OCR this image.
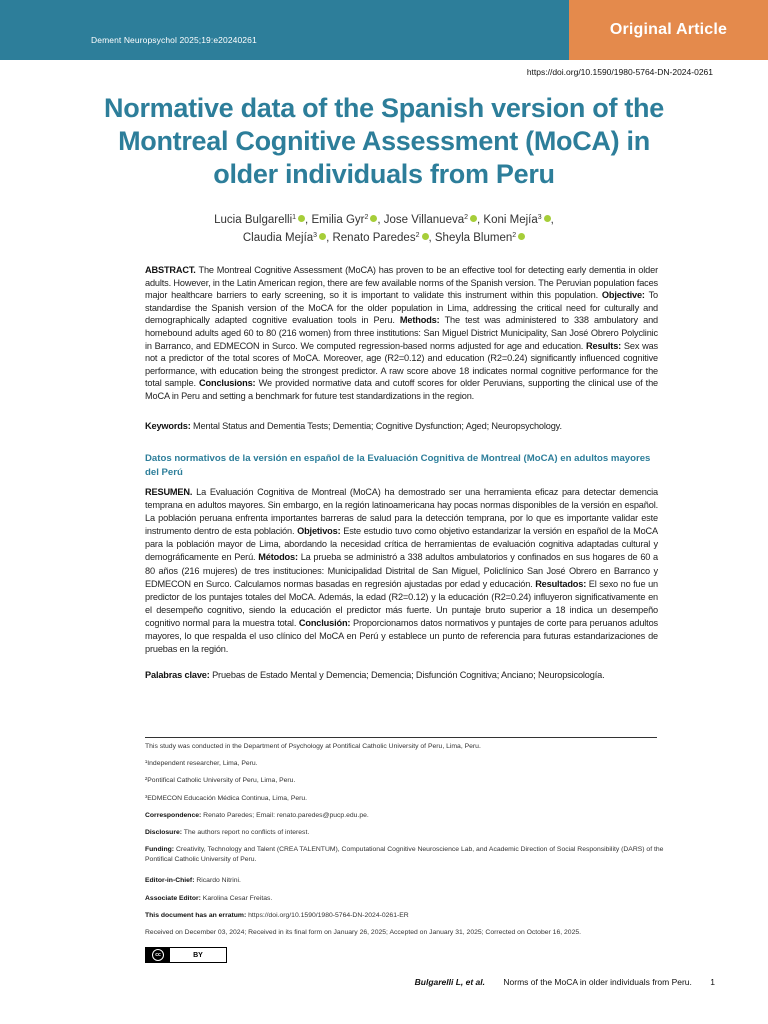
Dement Neuropsychol 2025;19:e20240261
Original Article
https://doi.org/10.1590/1980-5764-DN-2024-0261
Normative data of the Spanish version of the Montreal Cognitive Assessment (MoCA) in older individuals from Peru
Lucia Bulgarelli$^1$ , Emilia Gyr$^2$ , Jose Villanueva$^2$ , Koni Mejía$^3$ ,
Claudia Mejía$^3$ , Renato Paredes$^2$ , Sheyla Blumen$^2$
ABSTRACT. The Montreal Cognitive Assessment (MoCA) has proven to be an effective tool for detecting early dementia in older adults. However, in the Latin American region, there are few available norms of the Spanish version. The Peruvian population faces major healthcare barriers to early screening, so it is important to validate this instrument within this population. Objective: To standardise the Spanish version of the MoCA for the older population in Lima, addressing the critical need for culturally and demographically adapted cognitive evaluation tools in Peru. Methods: The test was administered to 338 ambulatory and homebound adults aged 60 to 80 (216 women) from three institutions: San Miguel District Municipality, San José Obrero Polyclinic in Barranco, and EDMECON in Surco. We computed regression-based norms adjusted for age and education. Results: Sex was not a predictor of the total scores of MoCA. Moreover, age (R2=0.12) and education (R2=0.24) significantly influenced cognitive performance, with education being the strongest predictor. A raw score above 18 indicates normal cognitive performance for the total sample. Conclusions: We provided normative data and cutoff scores for older Peruvians, supporting the clinical use of the MoCA in Peru and setting a benchmark for future test standardizations in the region.
Keywords: Mental Status and Dementia Tests; Dementia; Cognitive Dysfunction; Aged; Neuropsychology.
Datos normativos de la versión en español de la Evaluación Cognitiva de Montreal (MoCA) en adultos mayores del Perú
RESUMEN. La Evaluación Cognitiva de Montreal (MoCA) ha demostrado ser una herramienta eficaz para detectar demencia temprana en adultos mayores. Sin embargo, en la región latinoamericana hay pocas normas disponibles de la versión en español. La población peruana enfrenta importantes barreras de salud para la detección temprana, por lo que es importante validar este instrumento dentro de esta población. Objetivos: Este estudio tuvo como objetivo estandarizar la versión en español de la MoCA para la población mayor de Lima, abordando la necesidad crítica de herramientas de evaluación cognitiva adaptadas cultural y demográficamente en Perú. Métodos: La prueba se administró a 338 adultos ambulatorios y confinados en sus hogares de 60 a 80 años (216 mujeres) de tres instituciones: Municipalidad Distrital de San Miguel, Policlínico San José Obrero en Barranco y EDMECON en Surco. Calculamos normas basadas en regresión ajustadas por edad y educación. Resultados: El sexo no fue un predictor de los puntajes totales del MoCA. Además, la edad (R2=0.12) y la educación (R2=0.24) influyeron significativamente en el desempeño cognitivo, siendo la educación el predictor más fuerte. Un puntaje bruto superior a 18 indica un desempeño cognitivo normal para la muestra total. Conclusión: Proporcionamos datos normativos y puntajes de corte para peruanos adultos mayores, lo que respalda el uso clínico del MoCA en Perú y establece un punto de referencia para futuras estandarizaciones de pruebas en la región.
Palabras clave: Pruebas de Estado Mental y Demencia; Demencia; Disfunción Cognitiva; Anciano; Neuropsicología.
This study was conducted in the Department of Psychology at Pontifical Catholic University of Peru, Lima, Peru.
¹Independent researcher, Lima, Peru.
²Pontifical Catholic University of Peru, Lima, Peru.
³EDMECON Educación Médica Continua, Lima, Peru.
Correspondence: Renato Paredes; Email: renato.paredes@pucp.edu.pe.
Disclosure: The authors report no conflicts of interest.
Funding: Creativity, Technology and Talent (CREA TALENTUM), Computational Cognitive Neuroscience Lab, and Academic Direction of Social Responsibility (DARS) of the Pontifical Catholic University of Peru.
Editor-in-Chief: Ricardo Nitrini.
Associate Editor: Karolina Cesar Freitas.
This document has an erratum: https://doi.org/10.1590/1980-5764-DN-2024-0261-ER
Received on December 03, 2024; Received in its final form on January 26, 2025; Accepted on January 31, 2025; Corrected on October 16, 2025.
cc	BY
Bulgarelli L, et al. Norms of the MoCA in older individuals from Peru. 1
